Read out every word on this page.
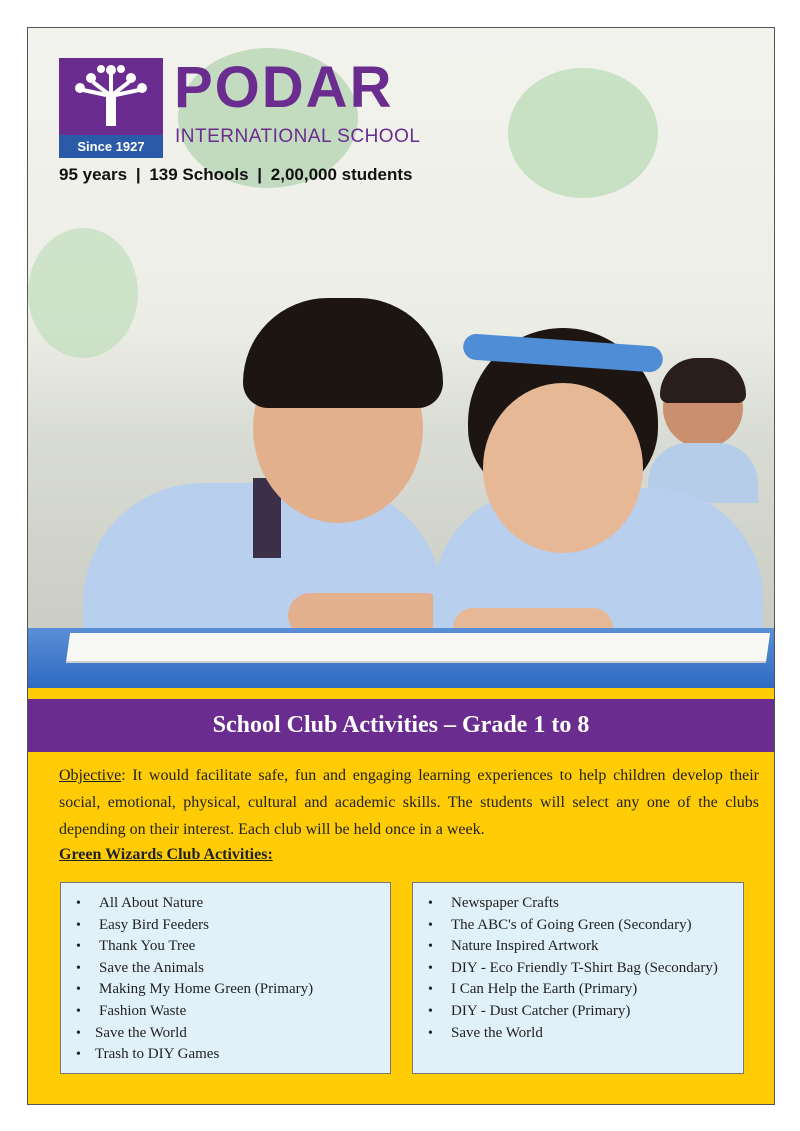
Since 1927
PODAR
INTERNATIONAL SCHOOL
95 years | 139 Schools | 2,00,000 students
School Club Activities – Grade 1 to 8
Objective: It would facilitate safe, fun and engaging learning experiences to help children develop their social, emotional, physical, cultural and academic skills. The students will select any one of the clubs depending on their interest. Each club will be held once in a week.
Green Wizards Club Activities:
• All About Nature
• Easy Bird Feeders
• Thank You Tree
• Save the Animals
• Making My Home Green (Primary)
• Fashion Waste
• Save the World
• Trash to DIY Games
• Newspaper Crafts
• The ABC's of Going Green (Secondary)
• Nature Inspired Artwork
• DIY - Eco Friendly T-Shirt Bag (Secondary)
• I Can Help the Earth (Primary)
• DIY - Dust Catcher (Primary)
• Save the World
